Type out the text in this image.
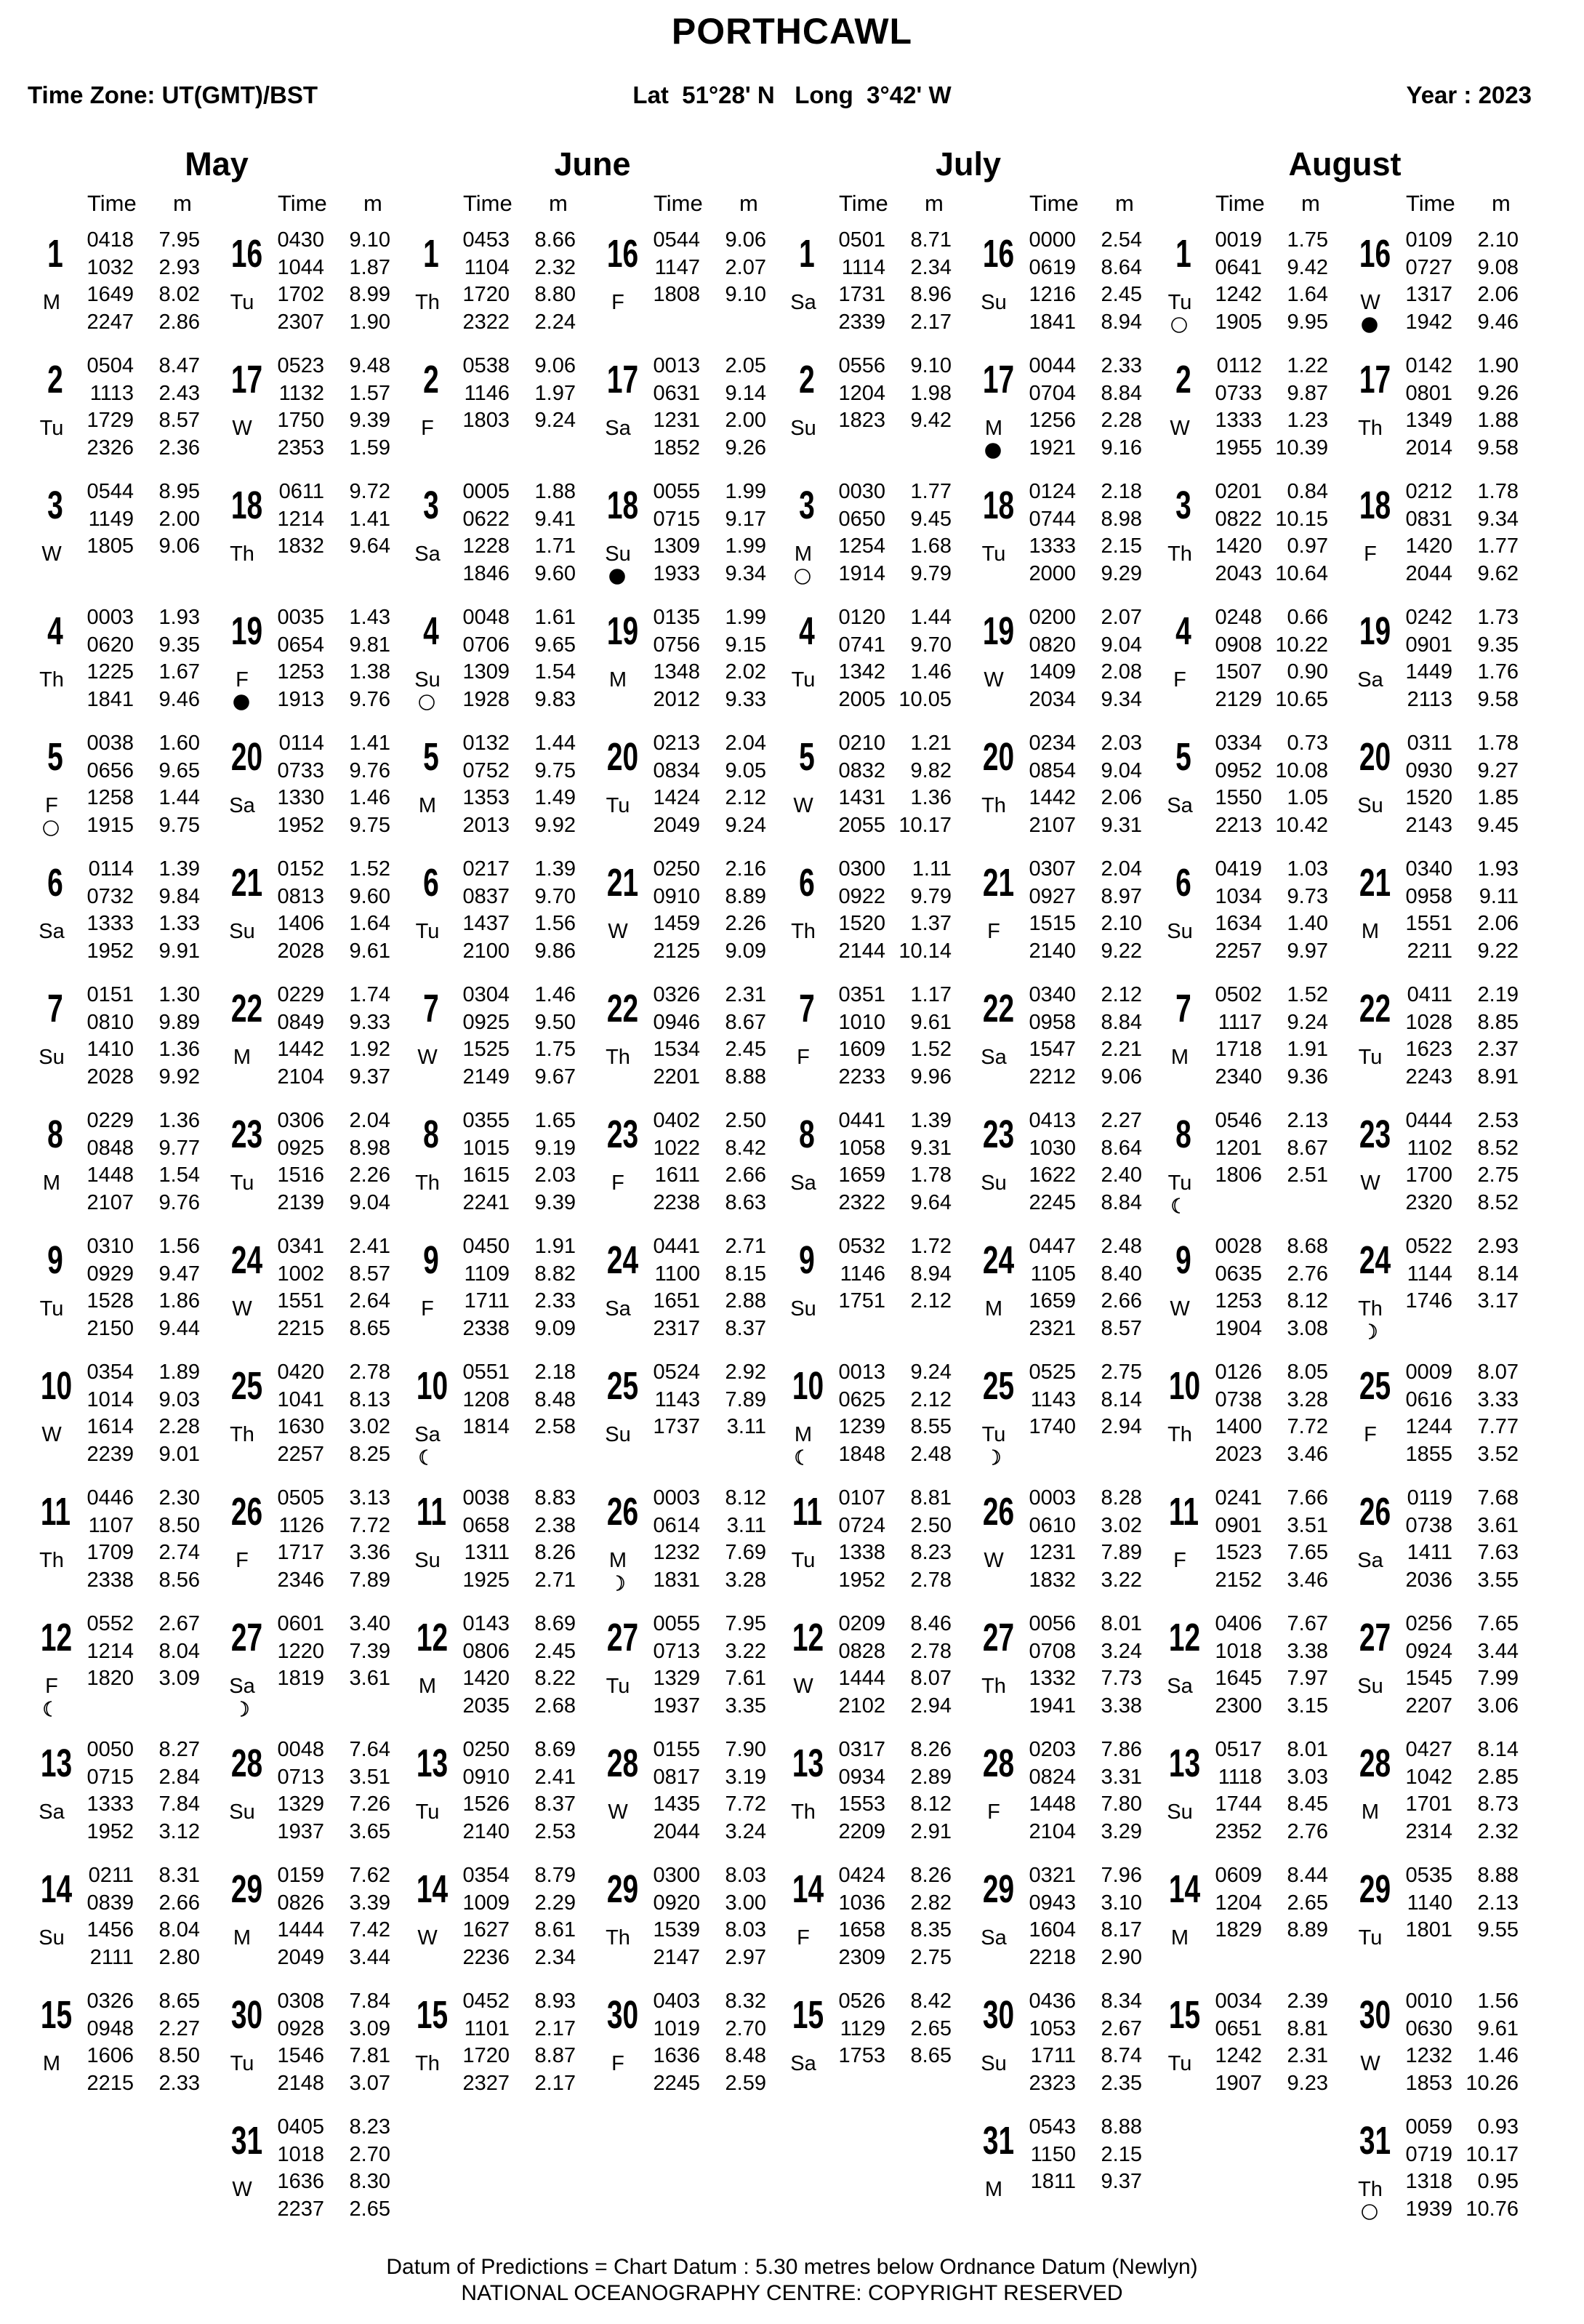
PORTHCAWL
Time Zone: UT(GMT)/BST	Lat  51°28' N   Long  3°42' W	Year : 2023
May
Time m	Time m
1
M
0418	7.95
1032	2.93
1649	8.02
2247	2.86
2
Tu
0504	8.47
1113	2.43
1729	8.57
2326	2.36
3
W
0544	8.95
1149	2.00
1805	9.06
4
Th
0003	1.93
0620	9.35
1225	1.67
1841	9.46
5
F
0038	1.60
0656	9.65
1258	1.44
1915	9.75
6
Sa
0114	1.39
0732	9.84
1333	1.33
1952	9.91
7
Su
0151	1.30
0810	9.89
1410	1.36
2028	9.92
8
M
0229	1.36
0848	9.77
1448	1.54
2107	9.76
9
Tu
0310	1.56
0929	9.47
1528	1.86
2150	9.44
10
W
0354	1.89
1014	9.03
1614	2.28
2239	9.01
11
Th
0446	2.30
1107	8.50
1709	2.74
2338	8.56
12
F
0552	2.67
1214	8.04
1820	3.09
13
Sa
0050	8.27
0715	2.84
1333	7.84
1952	3.12
14
Su
0211	8.31
0839	2.66
1456	8.04
2111	2.80
15
M
0326	8.65
0948	2.27
1606	8.50
2215	2.33
16
Tu
0430	9.10
1044	1.87
1702	8.99
2307	1.90
17
W
0523	9.48
1132	1.57
1750	9.39
2353	1.59
18
Th
0611	9.72
1214	1.41
1832	9.64
19
F
0035	1.43
0654	9.81
1253	1.38
1913	9.76
20
Sa
0114	1.41
0733	9.76
1330	1.46
1952	9.75
21
Su
0152	1.52
0813	9.60
1406	1.64
2028	9.61
22
M
0229	1.74
0849	9.33
1442	1.92
2104	9.37
23
Tu
0306	2.04
0925	8.98
1516	2.26
2139	9.04
24
W
0341	2.41
1002	8.57
1551	2.64
2215	8.65
25
Th
0420	2.78
1041	8.13
1630	3.02
2257	8.25
26
F
0505	3.13
1126	7.72
1717	3.36
2346	7.89
27
Sa
0601	3.40
1220	7.39
1819	3.61
28
Su
0048	7.64
0713	3.51
1329	7.26
1937	3.65
29
M
0159	7.62
0826	3.39
1444	7.42
2049	3.44
30
Tu
0308	7.84
0928	3.09
1546	7.81
2148	3.07
31
W
0405	8.23
1018	2.70
1636	8.30
2237	2.65
June
Time m	Time m
1
Th
0453	8.66
1104	2.32
1720	8.80
2322	2.24
2
F
0538	9.06
1146	1.97
1803	9.24
3
Sa
0005	1.88
0622	9.41
1228	1.71
1846	9.60
4
Su
0048	1.61
0706	9.65
1309	1.54
1928	9.83
5
M
0132	1.44
0752	9.75
1353	1.49
2013	9.92
6
Tu
0217	1.39
0837	9.70
1437	1.56
2100	9.86
7
W
0304	1.46
0925	9.50
1525	1.75
2149	9.67
8
Th
0355	1.65
1015	9.19
1615	2.03
2241	9.39
9
F
0450	1.91
1109	8.82
1711	2.33
2338	9.09
10
Sa
0551	2.18
1208	8.48
1814	2.58
11
Su
0038	8.83
0658	2.38
1311	8.26
1925	2.71
12
M
0143	8.69
0806	2.45
1420	8.22
2035	2.68
13
Tu
0250	8.69
0910	2.41
1526	8.37
2140	2.53
14
W
0354	8.79
1009	2.29
1627	8.61
2236	2.34
15
Th
0452	8.93
1101	2.17
1720	8.87
2327	2.17
16
F
0544	9.06
1147	2.07
1808	9.10
17
Sa
0013	2.05
0631	9.14
1231	2.00
1852	9.26
18
Su
0055	1.99
0715	9.17
1309	1.99
1933	9.34
19
M
0135	1.99
0756	9.15
1348	2.02
2012	9.33
20
Tu
0213	2.04
0834	9.05
1424	2.12
2049	9.24
21
W
0250	2.16
0910	8.89
1459	2.26
2125	9.09
22
Th
0326	2.31
0946	8.67
1534	2.45
2201	8.88
23
F
0402	2.50
1022	8.42
1611	2.66
2238	8.63
24
Sa
0441	2.71
1100	8.15
1651	2.88
2317	8.37
25
Su
0524	2.92
1143	7.89
1737	3.11
26
M
0003	8.12
0614	3.11
1232	7.69
1831	3.28
27
Tu
0055	7.95
0713	3.22
1329	7.61
1937	3.35
28
W
0155	7.90
0817	3.19
1435	7.72
2044	3.24
29
Th
0300	8.03
0920	3.00
1539	8.03
2147	2.97
30
F
0403	8.32
1019	2.70
1636	8.48
2245	2.59
July
Time m	Time m
1
Sa
0501	8.71
1114	2.34
1731	8.96
2339	2.17
2
Su
0556	9.10
1204	1.98
1823	9.42
3
M
0030	1.77
0650	9.45
1254	1.68
1914	9.79
4
Tu
0120	1.44
0741	9.70
1342	1.46
2005 10.05
5
W
0210	1.21
0832	9.82
1431	1.36
2055 10.17
6
Th
0300	1.11
0922	9.79
1520	1.37
2144 10.14
7
F
0351	1.17
1010	9.61
1609	1.52
2233	9.96
8
Sa
0441	1.39
1058	9.31
1659	1.78
2322	9.64
9
Su
0532	1.72
1146	8.94
1751	2.12
10
M
0013	9.24
0625	2.12
1239	8.55
1848	2.48
11
Tu
0107	8.81
0724	2.50
1338	8.23
1952	2.78
12
W
0209	8.46
0828	2.78
1444	8.07
2102	2.94
13
Th
0317	8.26
0934	2.89
1553	8.12
2209	2.91
14
F
0424	8.26
1036	2.82
1658	8.35
2309	2.75
15
Sa
0526	8.42
1129	2.65
1753	8.65
16
Su
0000	2.54
0619	8.64
1216	2.45
1841	8.94
17
M
0044	2.33
0704	8.84
1256	2.28
1921	9.16
18
Tu
0124	2.18
0744	8.98
1333	2.15
2000	9.29
19
W
0200	2.07
0820	9.04
1409	2.08
2034	9.34
20
Th
0234	2.03
0854	9.04
1442	2.06
2107	9.31
21
F
0307	2.04
0927	8.97
1515	2.10
2140	9.22
22
Sa
0340	2.12
0958	8.84
1547	2.21
2212	9.06
23
Su
0413	2.27
1030	8.64
1622	2.40
2245	8.84
24
M
0447	2.48
1105	8.40
1659	2.66
2321	8.57
25
Tu
0525	2.75
1143	8.14
1740	2.94
26
W
0003	8.28
0610	3.02
1231	7.89
1832	3.22
27
Th
0056	8.01
0708	3.24
1332	7.73
1941	3.38
28
F
0203	7.86
0824	3.31
1448	7.80
2104	3.29
29
Sa
0321	7.96
0943	3.10
1604	8.17
2218	2.90
30
Su
0436	8.34
1053	2.67
1711	8.74
2323	2.35
31
M
0543	8.88
1150	2.15
1811	9.37
August
Time m	Time m
1
Tu
0019	1.75
0641	9.42
1242	1.64
1905	9.95
2
W
0112	1.22
0733	9.87
1333	1.23
1955 10.39
3
Th
0201	0.84
0822 10.15
1420	0.97
2043 10.64
4
F
0248	0.66
0908 10.22
1507	0.90
2129 10.65
5
Sa
0334	0.73
0952 10.08
1550	1.05
2213 10.42
6
Su
0419	1.03
1034	9.73
1634	1.40
2257	9.97
7
M
0502	1.52
1117	9.24
1718	1.91
2340	9.36
8
Tu
0546	2.13
1201	8.67
1806	2.51
9
W
0028	8.68
0635	2.76
1253	8.12
1904	3.08
10
Th
0126	8.05
0738	3.28
1400	7.72
2023	3.46
11
F
0241	7.66
0901	3.51
1523	7.65
2152	3.46
12
Sa
0406	7.67
1018	3.38
1645	7.97
2300	3.15
13
Su
0517	8.01
1118	3.03
1744	8.45
2352	2.76
14
M
0609	8.44
1204	2.65
1829	8.89
15
Tu
0034	2.39
0651	8.81
1242	2.31
1907	9.23
16
W
0109	2.10
0727	9.08
1317	2.06
1942	9.46
17
Th
0142	1.90
0801	9.26
1349	1.88
2014	9.58
18
F
0212	1.78
0831	9.34
1420	1.77
2044	9.62
19
Sa
0242	1.73
0901	9.35
1449	1.76
2113	9.58
20
Su
0311	1.78
0930	9.27
1520	1.85
2143	9.45
21
M
0340	1.93
0958	9.11
1551	2.06
2211	9.22
22
Tu
0411	2.19
1028	8.85
1623	2.37
2243	8.91
23
W
0444	2.53
1102	8.52
1700	2.75
2320	8.52
24
Th
0522	2.93
1144	8.14
1746	3.17
25
F
0009	8.07
0616	3.33
1244	7.77
1855	3.52
26
Sa
0119	7.68
0738	3.61
1411	7.63
2036	3.55
27
Su
0256	7.65
0924	3.44
1545	7.99
2207	3.06
28
M
0427	8.14
1042	2.85
1701	8.73
2314	2.32
29
Tu
0535	8.88
1140	2.13
1801	9.55
30
W
0010	1.56
0630	9.61
1232	1.46
1853 10.26
31
Th
0059	0.93
0719 10.17
1318	0.95
1939 10.76
Datum of Predictions = Chart Datum : 5.30 metres below Ordnance Datum (Newlyn)
NATIONAL OCEANOGRAPHY CENTRE: COPYRIGHT RESERVED
